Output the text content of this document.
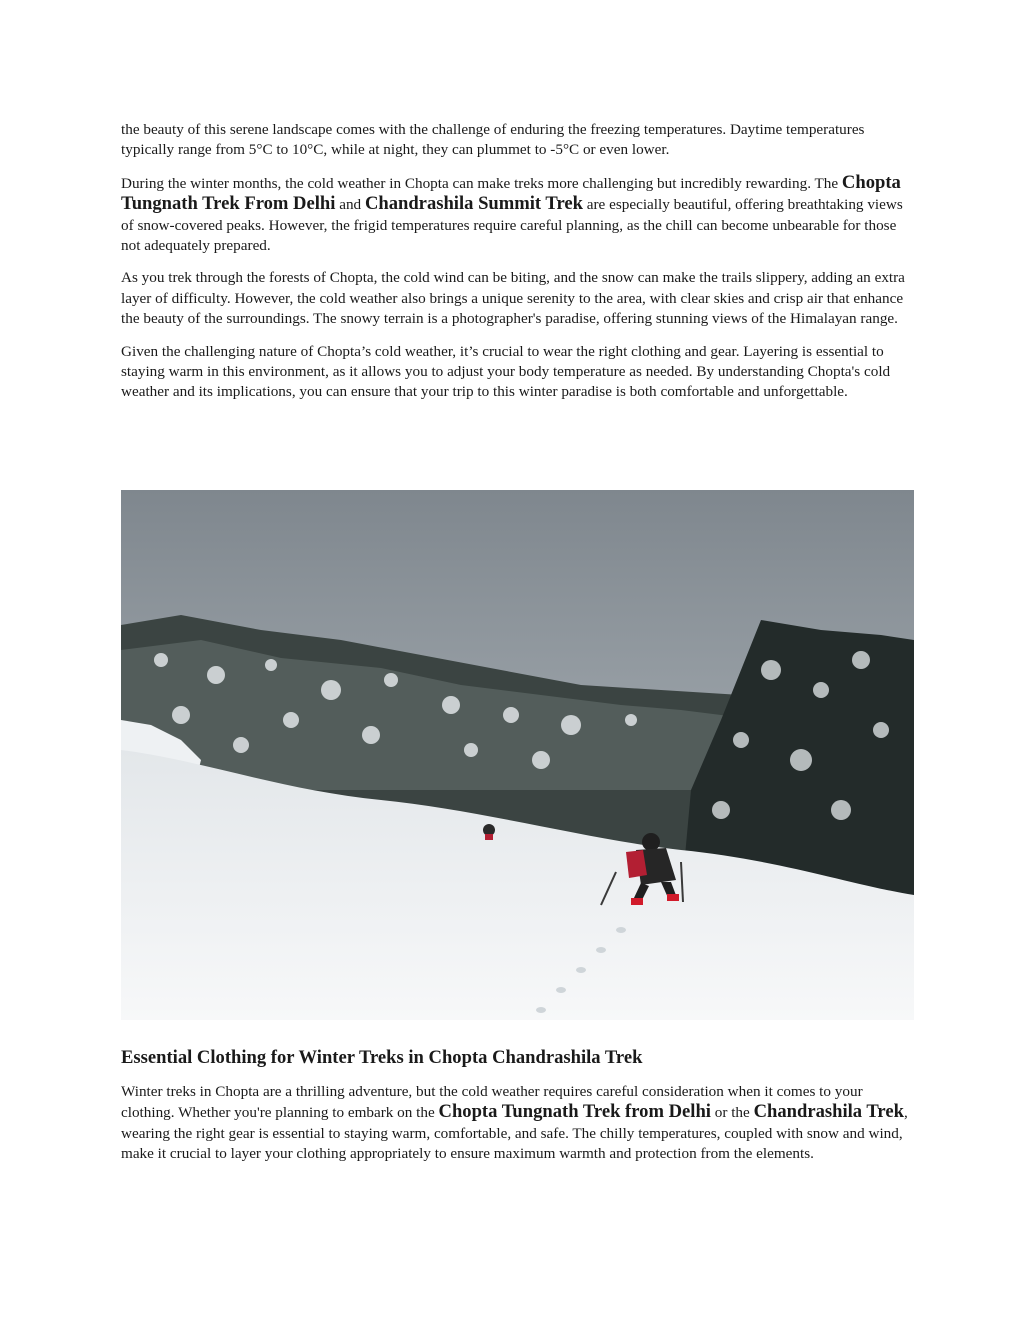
the beauty of this serene landscape comes with the challenge of enduring the freezing temperatures. Daytime temperatures typically range from 5°C to 10°C, while at night, they can plummet to -5°C or even lower.

During the winter months, the cold weather in Chopta can make treks more challenging but incredibly rewarding. The Chopta Tungnath Trek From Delhi and Chandrashila Summit Trek are especially beautiful, offering breathtaking views of snow-covered peaks. However, the frigid temperatures require careful planning, as the chill can become unbearable for those not adequately prepared.

As you trek through the forests of Chopta, the cold wind can be biting, and the snow can make the trails slippery, adding an extra layer of difficulty. However, the cold weather also brings a unique serenity to the area, with clear skies and crisp air that enhance the beauty of the surroundings. The snowy terrain is a photographer's paradise, offering stunning views of the Himalayan range.

Given the challenging nature of Chopta’s cold weather, it’s crucial to wear the right clothing and gear. Layering is essential to staying warm in this environment, as it allows you to adjust your body temperature as needed. By understanding Chopta's cold weather and its implications, you can ensure that your trip to this winter paradise is both comfortable and unforgettable.

Essential Clothing for Winter Treks in Chopta Chandrashila Trek

Winter treks in Chopta are a thrilling adventure, but the cold weather requires careful consideration when it comes to your clothing. Whether you're planning to embark on the Chopta Tungnath Trek from Delhi or the Chandrashila Trek, wearing the right gear is essential to staying warm, comfortable, and safe. The chilly temperatures, coupled with snow and wind, make it crucial to layer your clothing appropriately to ensure maximum warmth and protection from the elements.
